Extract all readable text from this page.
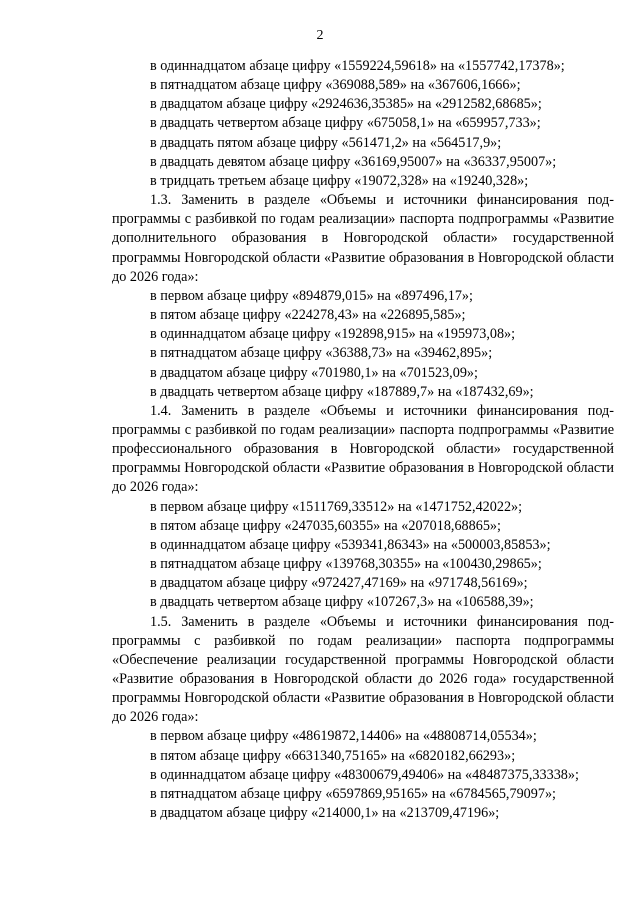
2
в одиннадцатом абзаце цифру «1559224,59618» на «1557742,17378»;
в пятнадцатом абзаце цифру «369088,589» на «367606,1666»;
в двадцатом абзаце цифру «2924636,35385» на «2912582,68685»;
в двадцать четвертом абзаце цифру «675058,1» на «659957,733»;
в двадцать пятом абзаце цифру «561471,2» на «564517,9»;
в двадцать девятом абзаце цифру «36169,95007» на «36337,95007»;
в тридцать третьем абзаце цифру «19072,328» на «19240,328»;
1.3. Заменить в разделе «Объемы и источники финансирования подпрограммы с разбивкой по годам реализации» паспорта подпрограммы «Развитие дополнительного образования в Новгородской области» государственной программы Новгородской области «Развитие образования в Новгородской области до 2026 года»:
в первом абзаце цифру «894879,015» на «897496,17»;
в пятом абзаце цифру «224278,43» на «226895,585»;
в одиннадцатом абзаце цифру «192898,915» на «195973,08»;
в пятнадцатом абзаце цифру «36388,73» на «39462,895»;
в двадцатом абзаце цифру «701980,1» на «701523,09»;
в двадцать четвертом абзаце цифру «187889,7» на «187432,69»;
1.4. Заменить в разделе «Объемы и источники финансирования подпрограммы с разбивкой по годам реализации» паспорта подпрограммы «Развитие профессионального образования в Новгородской области» государственной программы Новгородской области «Развитие образования в Новгородской области до 2026 года»:
в первом абзаце цифру «1511769,33512» на «1471752,42022»;
в пятом абзаце цифру «247035,60355» на «207018,68865»;
в одиннадцатом абзаце цифру «539341,86343» на «500003,85853»;
в пятнадцатом абзаце цифру «139768,30355» на «100430,29865»;
в двадцатом абзаце цифру «972427,47169» на «971748,56169»;
в двадцать четвертом абзаце цифру «107267,3» на «106588,39»;
1.5. Заменить в разделе «Объемы и источники финансирования подпрограммы с разбивкой по годам реализации» паспорта подпрограммы «Обеспечение реализации государственной программы Новгородской области «Развитие образования в Новгородской области до 2026 года» государственной программы Новгородской области «Развитие образования в Новгородской области до 2026 года»:
в первом абзаце цифру «48619872,14406» на «48808714,05534»;
в пятом абзаце цифру «6631340,75165» на «6820182,66293»;
в одиннадцатом абзаце цифру «48300679,49406» на «48487375,33338»;
в пятнадцатом абзаце цифру «6597869,95165» на «6784565,79097»;
в двадцатом абзаце цифру «214000,1» на «213709,47196»;
